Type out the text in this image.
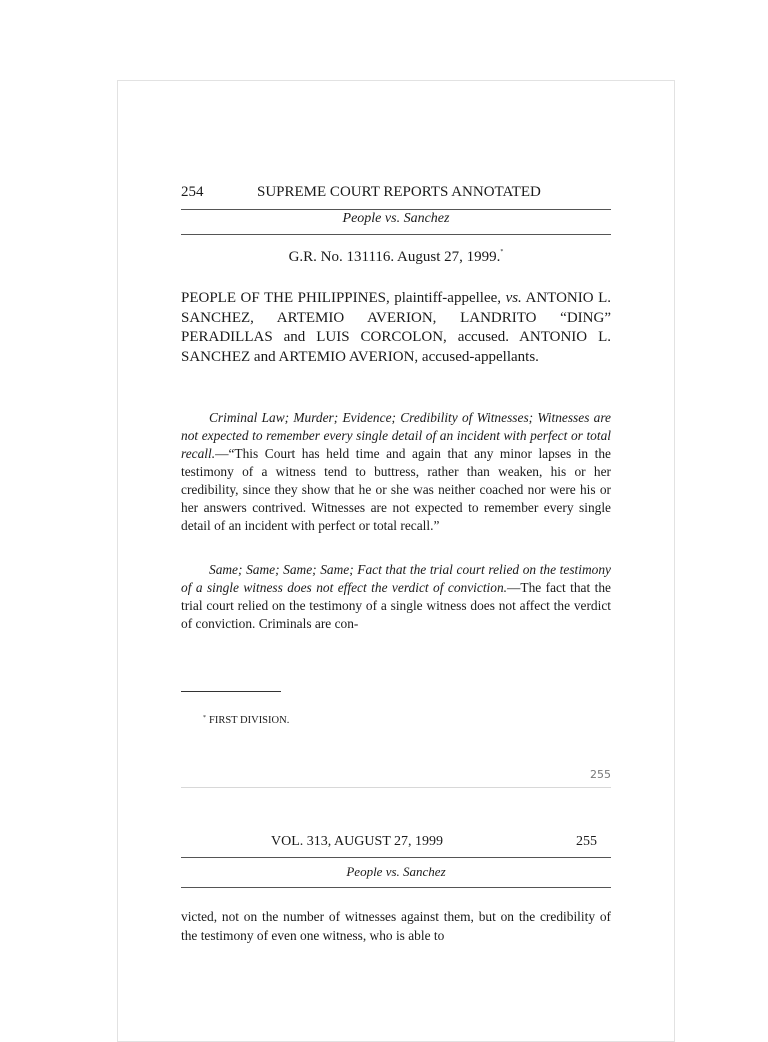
254	SUPREME COURT REPORTS ANNOTATED
People vs. Sanchez
G.R. No. 131116. August 27, 1999.*
PEOPLE OF THE PHILIPPINES, plaintiff-appellee, vs. ANTONIO L. SANCHEZ, ARTEMIO AVERION, LANDRITO “DING” PERADILLAS and LUIS CORCOLON, accused. ANTONIO L. SANCHEZ and ARTEMIO AVERION, accused-appellants.

Criminal Law; Murder; Evidence; Credibility of Witnesses; Witnesses are not expected to remember every single detail of an incident with perfect or total recall.—“This Court has held time and again that any minor lapses in the testimony of a witness tend to buttress, rather than weaken, his or her credibility, since they show that he or she was neither coached nor were his or her answers contrived. Witnesses are not expected to remember every single detail of an incident with perfect or total recall.”

Same; Same; Same; Same; Fact that the trial court relied on the testimony of a single witness does not effect the verdict of conviction.—The fact that the trial court relied on the testimony of a single witness does not affect the verdict of conviction. Criminals are con-

* FIRST DIVISION.
255
VOL. 313, AUGUST 27, 1999	255
People vs. Sanchez

victed, not on the number of witnesses against them, but on the credibility of the testimony of even one witness, who is able to
